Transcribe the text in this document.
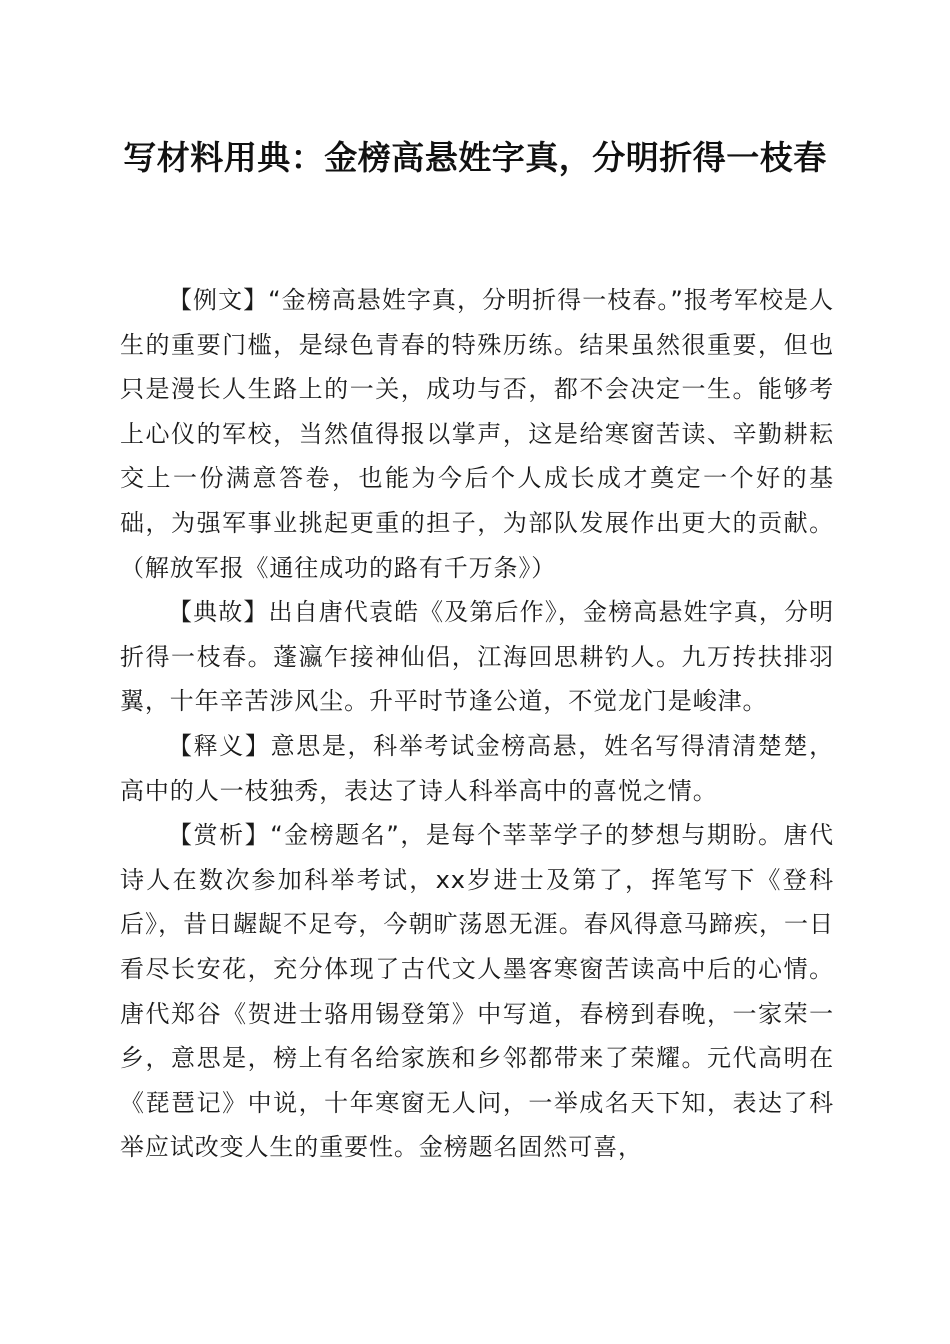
写材料用典：金榜高悬姓字真，分明折得一枝春

【例文】“金榜高悬姓字真，分明折得一枝春。”报考军校是人生的重要门槛，是绿色青春的特殊历练。结果虽然很重要，但也只是漫长人生路上的一关，成功与否，都不会决定一生。能够考上心仪的军校，当然值得报以掌声，这是给寒窗苦读、辛勤耕耘交上一份满意答卷，也能为今后个人成长成才奠定一个好的基础，为强军事业挑起更重的担子，为部队发展作出更大的贡献。（解放军报《通往成功的路有千万条》）

【典故】出自唐代袁皓《及第后作》，金榜高悬姓字真，分明折得一枝春。蓬瀛乍接神仙侣，江海回思耕钓人。九万抟扶排羽翼，十年辛苦涉风尘。升平时节逢公道，不觉龙门是峻津。

【释义】意思是，科举考试金榜高悬，姓名写得清清楚楚，高中的人一枝独秀，表达了诗人科举高中的喜悦之情。

【赏析】“金榜题名”，是每个莘莘学子的梦想与期盼。唐代诗人在数次参加科举考试，xx岁进士及第了，挥笔写下《登科后》，昔日龌龊不足夸，今朝旷荡恩无涯。春风得意马蹄疾，一日看尽长安花，充分体现了古代文人墨客寒窗苦读高中后的心情。唐代郑谷《贺进士骆用锡登第》中写道，春榜到春晚，一家荣一乡，意思是，榜上有名给家族和乡邻都带来了荣耀。元代高明在《琵琶记》中说，十年寒窗无人问，一举成名天下知，表达了科举应试改变人生的重要性。金榜题名固然可喜，
